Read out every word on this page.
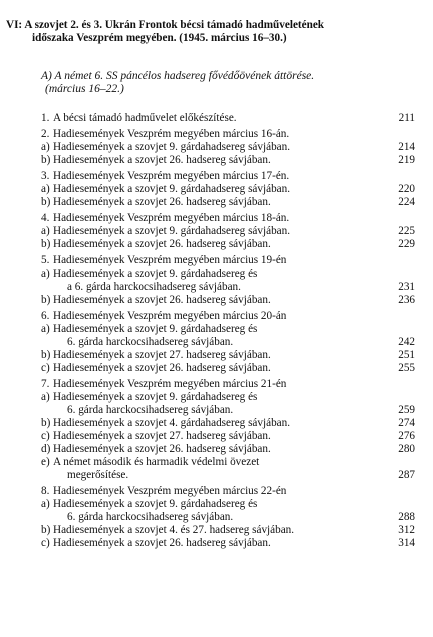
VI: A szovjet 2. és 3. Ukrán Frontok bécsi támadó hadműveletének
időszaka Veszprém megyében. (1945. március 16–30.)
A) A német 6. SS páncélos hadsereg fővédőövének áttörése.
(március 16–22.)
1. A bécsi támadó hadművelet előkészítése.	211
2. Hadiesemények Veszprém megyében március 16-án.
a) Hadiesemények a szovjet 9. gárdahadsereg sávjában.	214
b) Hadiesemények a szovjet 26. hadsereg sávjában.	219
3. Hadiesemények Veszprém megyében március 17-én.
a) Hadiesemények a szovjet 9. gárdahadsereg sávjában.	220
b) Hadiesemények a szovjet 26. hadsereg sávjában.	224
4. Hadiesemények Veszprém megyében március 18-án.
a) Hadiesemények a szovjet 9. gárdahadsereg sávjában.	225
b) Hadiesemények a szovjet 26. hadsereg sávjában.	229
5. Hadiesemények Veszprém megyében március 19-én
a) Hadiesemények a szovjet 9. gárdahadsereg és
a 6. gárda harckocsihadsereg sávjában.	231
b) Hadiesemények a szovjet 26. hadsereg sávjában.	236
6. Hadiesemények Veszprém megyében március 20-án
a) Hadiesemények a szovjet 9. gárdahadsereg és
6. gárda harckocsihadsereg sávjában.	242
b) Hadiesemények a szovjet 27. hadsereg sávjában.	251
c) Hadiesemények a szovjet 26. hadsereg sávjában.	255
7. Hadiesemények Veszprém megyében március 21-én
a) Hadiesemények a szovjet 9. gárdahadsereg és
6. gárda harckocsihadsereg sávjában.	259
b) Hadiesemények a szovjet 4. gárdahadsereg sávjában.	274
c) Hadiesemények a szovjet 27. hadsereg sávjában.	276
d) Hadiesemények a szovjet 26. hadsereg sávjában.	280
e) A német második és harmadik védelmi övezet
megerősítése.	287
8. Hadiesemények Veszprém megyében március 22-én
a) Hadiesemények a szovjet 9. gárdahadsereg és
6. gárda harckocsihadsereg sávjában.	288
b) Hadiesemények a szovjet 4. és 27. hadsereg sávjában.	312
c) Hadiesemények a szovjet 26. hadsereg sávjában.	314
